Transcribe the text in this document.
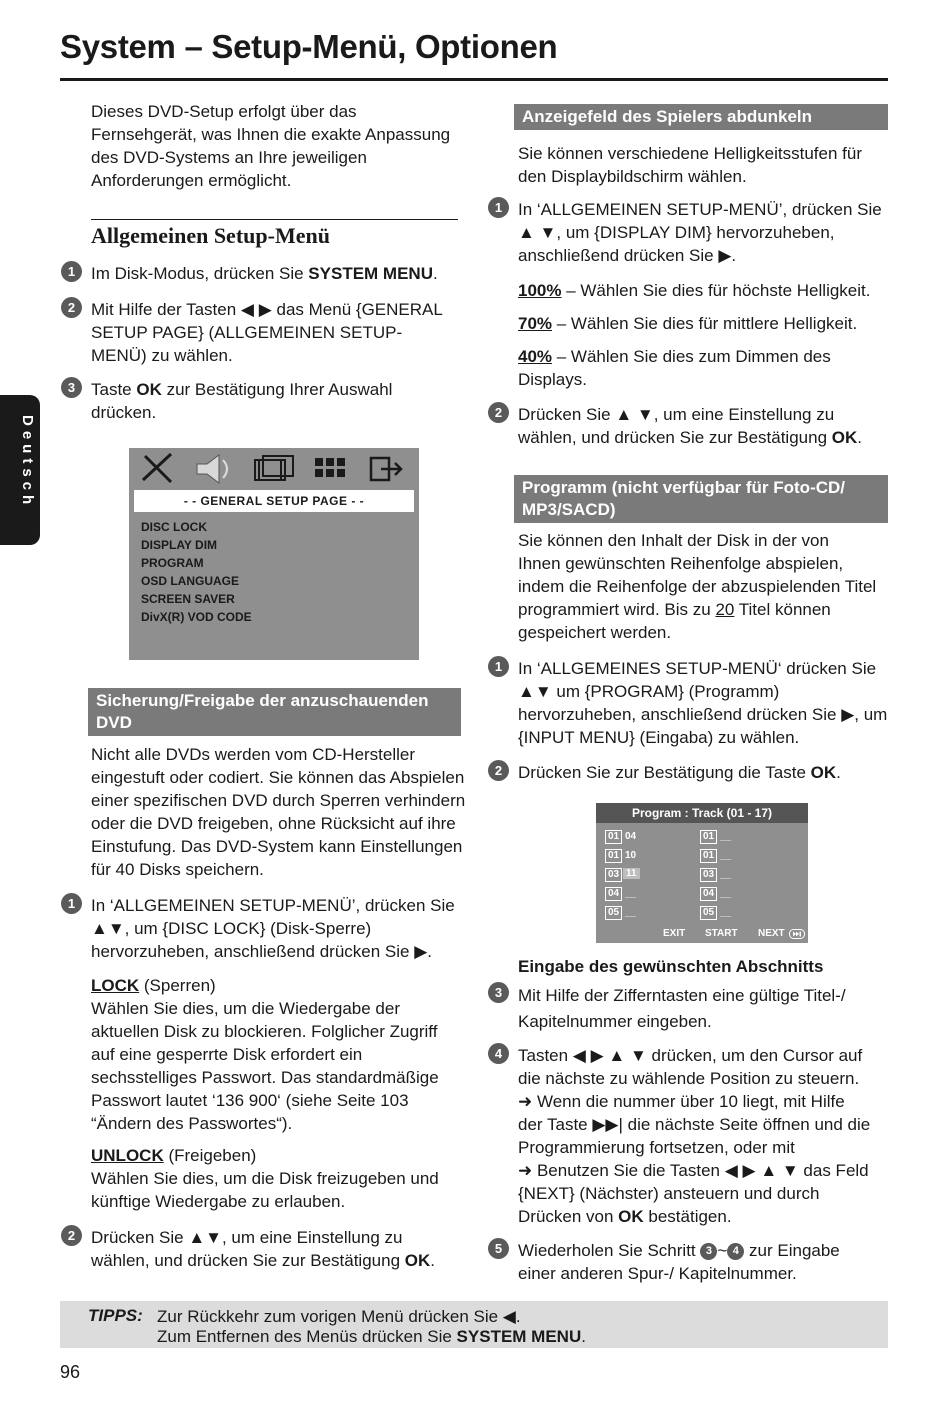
System – Setup-Menü, Optionen
Deutsch
Dieses DVD-Setup erfolgt über das
Fernsehgerät, was Ihnen die exakte Anpassung
des DVD-Systems an Ihre jeweiligen
Anforderungen ermöglicht.
Allgemeinen Setup-Menü
1 Im Disk-Modus, drücken Sie SYSTEM MENU.
2 Mit Hilfe der Tasten ◀ ▶ das Menü {GENERAL
SETUP PAGE} (ALLGEMEINEN SETUP-
MENÜ) zu wählen.
3 Taste OK zur Bestätigung Ihrer Auswahl
drücken.
- - GENERAL SETUP PAGE - -
DISC LOCK
DISPLAY DIM
PROGRAM
OSD LANGUAGE
SCREEN SAVER
DivX(R) VOD CODE
Sicherung/Freigabe der anzuschauenden
DVD
Nicht alle DVDs werden vom CD-Hersteller
eingestuft oder codiert. Sie können das Abspielen
einer spezifischen DVD durch Sperren verhindern
oder die DVD freigeben, ohne Rücksicht auf ihre
Einstufung. Das DVD-System kann Einstellungen
für 40 Disks speichern.
1 In ‘ALLGEMEINEN SETUP-MENÜ’, drücken Sie
▲▼, um {DISC LOCK} (Disk-Sperre)
hervorzuheben, anschließend drücken Sie ▶.
LOCK (Sperren)
Wählen Sie dies, um die Wiedergabe der
aktuellen Disk zu blockieren. Folglicher Zugriff
auf eine gesperrte Disk erfordert ein
sechsstelliges Passwort. Das standardmäßige
Passwort lautet ‘136 900‘ (siehe Seite 103
“Ändern des Passwortes“).
UNLOCK (Freigeben)
Wählen Sie dies, um die Disk freizugeben und
künftige Wiedergabe zu erlauben.
2 Drücken Sie ▲▼, um eine Einstellung zu
wählen, und drücken Sie zur Bestätigung OK.
Anzeigefeld des Spielers abdunkeln
Sie können verschiedene Helligkeitsstufen für
den Displaybildschirm wählen.
1 In ‘ALLGEMEINEN SETUP-MENÜ’, drücken Sie
▲ ▼, um {DISPLAY DIM} hervorzuheben,
anschließend drücken Sie ▶.
100% – Wählen Sie dies für höchste Helligkeit.
70% – Wählen Sie dies für mittlere Helligkeit.
40% – Wählen Sie dies zum Dimmen des
Displays.
2 Drücken Sie ▲ ▼, um eine Einstellung zu
wählen, und drücken Sie zur Bestätigung OK.
Programm (nicht verfügbar für Foto-CD/
MP3/SACD)
Sie können den Inhalt der Disk in der von
Ihnen gewünschten Reihenfolge abspielen,
indem die Reihenfolge der abzuspielenden Titel
programmiert wird. Bis zu 20 Titel können
gespeichert werden.
1 In ‘ALLGEMEINES SETUP-MENÜ‘ drücken Sie
▲▼ um {PROGRAM} (Programm)
hervorzuheben, anschließend drücken Sie ▶, um
{INPUT MENU} (Eingaba) zu wählen.
2 Drücken Sie zur Bestätigung die Taste OK.
Program : Track (01 - 17)
01 04
01 10
03 11
04 __
05 __
01 __
01 __
03 __
04 __
05 __
EXIT START NEXT
Eingabe des gewünschten Abschnitts
3 Mit Hilfe der Zifferntasten eine gültige Titel-/
Kapitelnummer eingeben.
4 Tasten ◀ ▶ ▲ ▼ drücken, um den Cursor auf
die nächste zu wählende Position zu steuern.
➜ Wenn die nummer über 10 liegt, mit Hilfe
der Taste ▶▶| die nächste Seite öffnen und die
Programmierung fortsetzen, oder mit
➜ Benutzen Sie die Tasten ◀ ▶ ▲ ▼ das Feld
{NEXT} (Nächster) ansteuern und durch
Drücken von OK bestätigen.
5 Wiederholen Sie Schritt 3 ~ 4 zur Eingabe
einer anderen Spur-/ Kapitelnummer.
TIPPS: Zur Rückkehr zum vorigen Menü drücken Sie ◀.
Zum Entfernen des Menüs drücken Sie SYSTEM MENU.
96
